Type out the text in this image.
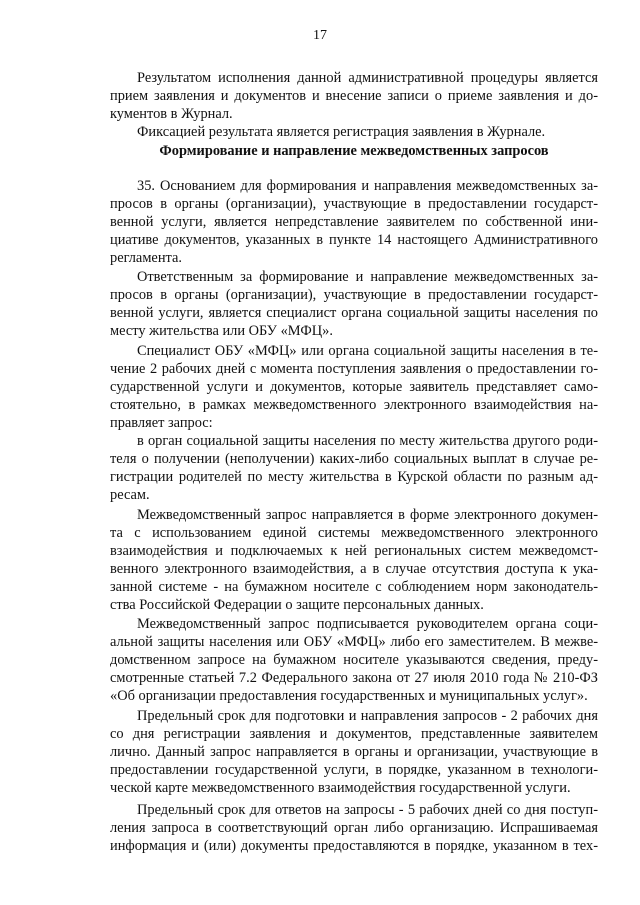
17
Результатом исполнения данной административной процедуры является
прием заявления и документов и внесение записи о приеме заявления и до-
кументов в Журнал.
Фиксацией результата является регистрация заявления в Журнале.
Формирование и направление межведомственных запросов
35. Основанием для формирования и направления межведомственных за-
просов в органы (организации), участвующие в предоставлении государст-
венной услуги, является непредставление заявителем по собственной ини-
циативе документов, указанных в пункте 14 настоящего Административного
регламента.
Ответственным за формирование и направление межведомственных за-
просов в органы (организации), участвующие в предоставлении государст-
венной услуги, является специалист органа социальной защиты населения по
месту жительства или ОБУ «МФЦ».
Специалист ОБУ «МФЦ» или органа социальной защиты населения в те-
чение 2 рабочих дней с момента поступления заявления о предоставлении го-
сударственной услуги и документов, которые заявитель представляет само-
стоятельно, в рамках межведомственного электронного взаимодействия на-
правляет запрос:
в орган социальной защиты населения по месту жительства другого роди-
теля о получении (неполучении) каких-либо социальных выплат в случае ре-
гистрации родителей по месту жительства в Курской области по разным ад-
ресам.
Межведомственный запрос направляется в форме электронного докумен-
та с использованием единой системы межведомственного электронного
взаимодействия и подключаемых к ней региональных систем межведомст-
венного электронного взаимодействия, а в случае отсутствия доступа к ука-
занной системе - на бумажном носителе с соблюдением норм законодатель-
ства Российской Федерации о защите персональных данных.
Межведомственный запрос подписывается руководителем органа соци-
альной защиты населения или ОБУ «МФЦ» либо его заместителем. В межве-
домственном запросе на бумажном носителе указываются сведения, преду-
смотренные статьей 7.2 Федерального закона от 27 июля 2010 года № 210-ФЗ
«Об организации предоставления государственных и муниципальных услуг».
Предельный срок для подготовки и направления запросов - 2 рабочих дня
со дня регистрации заявления и документов, представленные заявителем
лично. Данный запрос направляется в органы и организации, участвующие в
предоставлении государственной услуги, в порядке, указанном в технологи-
ческой карте межведомственного взаимодействия государственной услуги.
Предельный срок для ответов на запросы - 5 рабочих дней со дня поступ-
ления запроса в соответствующий орган либо организацию. Испрашиваемая
информация и (или) документы предоставляются в порядке, указанном в тех-
